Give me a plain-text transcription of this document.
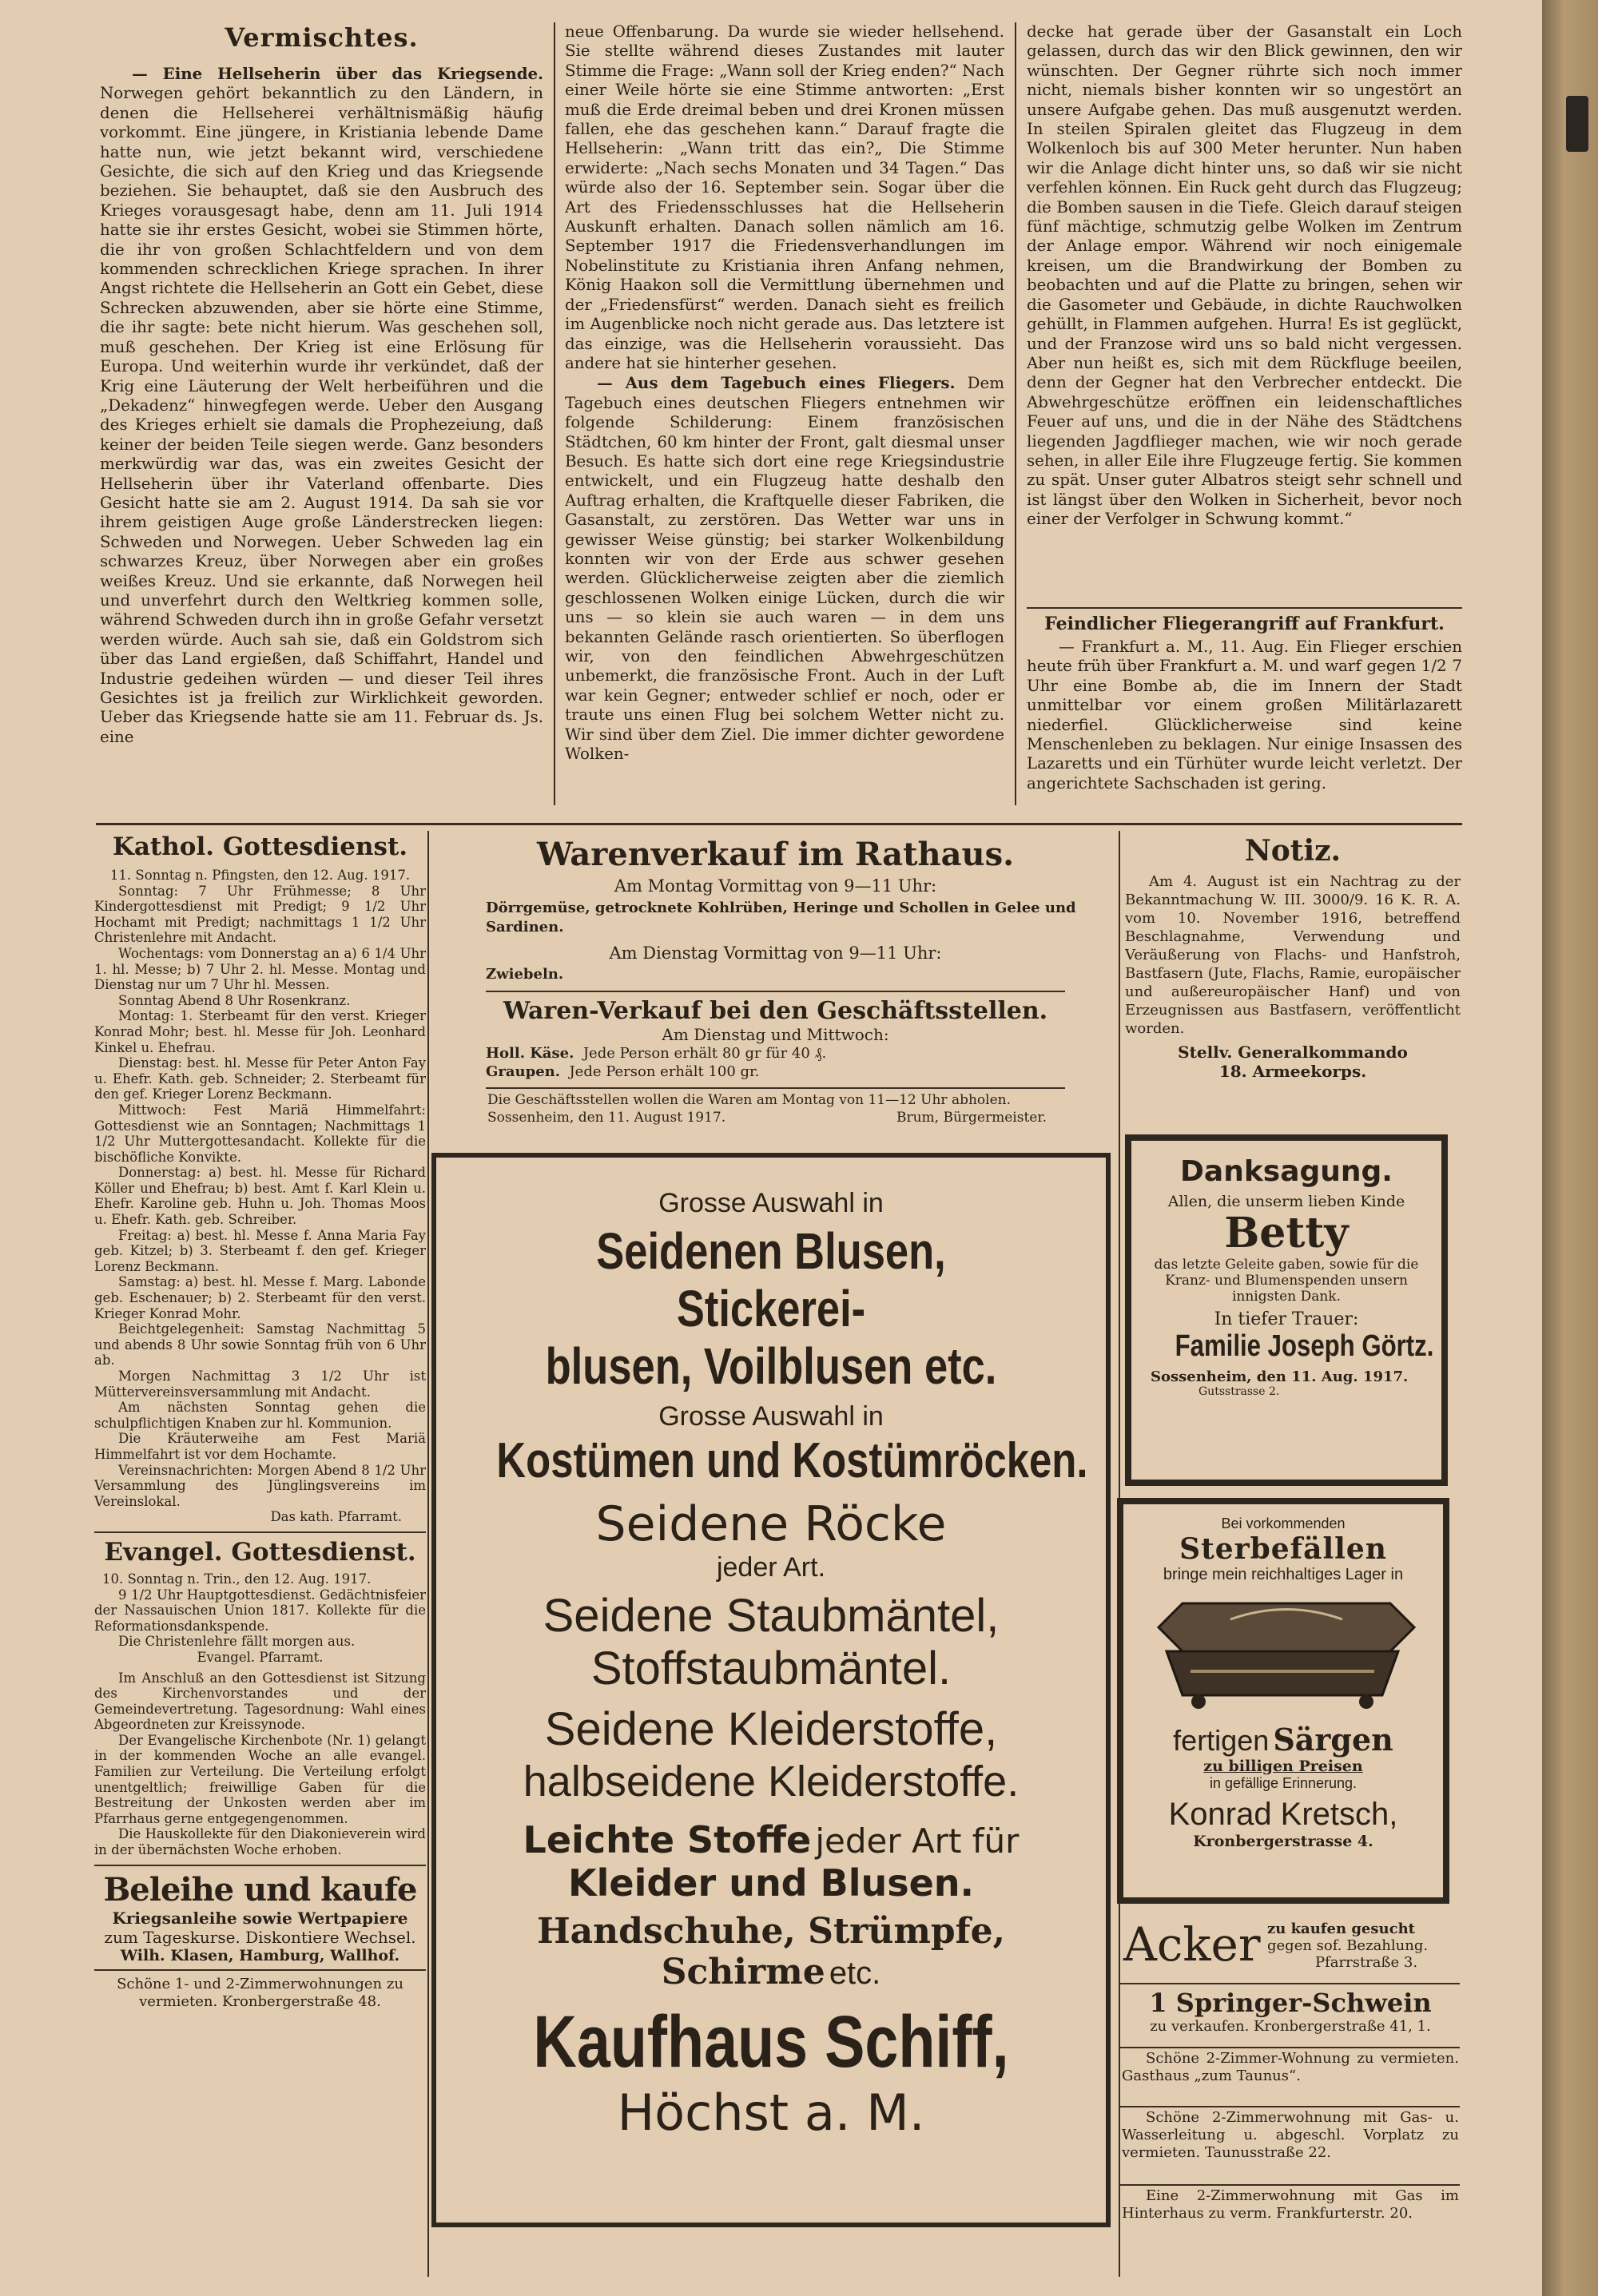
Vermischtes.

— Eine Hellseherin über das Kriegsende. Norwegen gehört bekanntlich zu den Ländern, in denen die Hellseherei verhältnismäßig häufig vorkommt. Eine jüngere, in Kristiania lebende Dame hatte nun, wie jetzt bekannt wird, verschiedene Gesichte, die sich auf den Krieg und das Kriegsende beziehen. Sie behauptet, daß sie den Ausbruch des Krieges vorausgesagt habe, denn am 11. Juli 1914 hatte sie ihr erstes Gesicht, wobei sie Stimmen hörte, die ihr von großen Schlachtfeldern und von dem kommenden schrecklichen Kriege sprachen. In ihrer Angst richtete die Hellseherin an Gott ein Gebet, diese Schrecken abzuwenden, aber sie hörte eine Stimme, die ihr sagte: bete nicht hierum. Was geschehen soll, muß geschehen. Der Krieg ist eine Erlösung für Europa. Und weiterhin wurde ihr verkündet, daß der Krig eine Läuterung der Welt herbeiführen und die „Dekadenz“ hinwegfegen werde. Ueber den Ausgang des Krieges erhielt sie damals die Prophezeiung, daß keiner der beiden Teile siegen werde. Ganz besonders merkwürdig war das, was ein zweites Gesicht der Hellseherin über ihr Vaterland offenbarte. Dies Gesicht hatte sie am 2. August 1914. Da sah sie vor ihrem geistigen Auge große Länderstrecken liegen: Schweden und Norwegen. Ueber Schweden lag ein schwarzes Kreuz, über Norwegen aber ein großes weißes Kreuz. Und sie erkannte, daß Norwegen heil und unverfehrt durch den Weltkrieg kommen solle, während Schweden durch ihn in große Gefahr versetzt werden würde. Auch sah sie, daß ein Goldstrom sich über das Land ergießen, daß Schiffahrt, Handel und Industrie gedeihen würden — und dieser Teil ihres Gesichtes ist ja freilich zur Wirklichkeit geworden. Ueber das Kriegsende hatte sie am 11. Februar ds. Js. eine

neue Offenbarung. Da wurde sie wieder hellsehend. Sie stellte während dieses Zustandes mit lauter Stimme die Frage: „Wann soll der Krieg enden?“ Nach einer Weile hörte sie eine Stimme antworten: „Erst muß die Erde dreimal beben und drei Kronen müssen fallen, ehe das geschehen kann.“ Darauf fragte die Hellseherin: „Wann tritt das ein?„ Die Stimme erwiderte: „Nach sechs Monaten und 34 Tagen.“ Das würde also der 16. September sein. Sogar über die Art des Friedensschlusses hat die Hellseherin Auskunft erhalten. Danach sollen nämlich am 16. September 1917 die Friedensverhandlungen im Nobelinstitute zu Kristiania ihren Anfang nehmen, König Haakon soll die Vermittlung übernehmen und der „Friedensfürst“ werden. Danach sieht es freilich im Augenblicke noch nicht gerade aus. Das letztere ist das einzige, was die Hellseherin voraussieht. Das andere hat sie hinterher gesehen.

— Aus dem Tagebuch eines Fliegers. Dem Tagebuch eines deutschen Fliegers entnehmen wir folgende Schilderung: Einem französischen Städtchen, 60 km hinter der Front, galt diesmal unser Besuch. Es hatte sich dort eine rege Kriegsindustrie entwickelt, und ein Flugzeug hatte deshalb den Auftrag erhalten, die Kraftquelle dieser Fabriken, die Gasanstalt, zu zerstören. Das Wetter war uns in gewisser Weise günstig; bei starker Wolkenbildung konnten wir von der Erde aus schwer gesehen werden. Glücklicherweise zeigten aber die ziemlich geschlossenen Wolken einige Lücken, durch die wir uns — so klein sie auch waren — in dem uns bekannten Gelände rasch orientierten. So überflogen wir, von den feindlichen Abwehrgeschützen unbemerkt, die französische Front. Auch in der Luft war kein Gegner; entweder schlief er noch, oder er traute uns einen Flug bei solchem Wetter nicht zu. Wir sind über dem Ziel. Die immer dichter gewordene Wolken-

decke hat gerade über der Gasanstalt ein Loch gelassen, durch das wir den Blick gewinnen, den wir wünschten. Der Gegner rührte sich noch immer nicht, niemals bisher konnten wir so ungestört an unsere Aufgabe gehen. Das muß ausgenutzt werden. In steilen Spiralen gleitet das Flugzeug in dem Wolkenloch bis auf 300 Meter herunter. Nun haben wir die Anlage dicht hinter uns, so daß wir sie nicht verfehlen können. Ein Ruck geht durch das Flugzeug; die Bomben sausen in die Tiefe. Gleich darauf steigen fünf mächtige, schmutzig gelbe Wolken im Zentrum der Anlage empor. Während wir noch einigemale kreisen, um die Brandwirkung der Bomben zu beobachten und auf die Platte zu bringen, sehen wir die Gasometer und Gebäude, in dichte Rauchwolken gehüllt, in Flammen aufgehen. Hurra! Es ist geglückt, und der Franzose wird uns so bald nicht vergessen. Aber nun heißt es, sich mit dem Rückfluge beeilen, denn der Gegner hat den Verbrecher entdeckt. Die Abwehrgeschütze eröffnen ein leidenschaftliches Feuer auf uns, und die in der Nähe des Städtchens liegenden Jagdflieger machen, wie wir noch gerade sehen, in aller Eile ihre Flugzeuge fertig. Sie kommen zu spät. Unser guter Albatros steigt sehr schnell und ist längst über den Wolken in Sicherheit, bevor noch einer der Verfolger in Schwung kommt.“

Feindlicher Fliegerangriff auf Frankfurt.

— Frankfurt a. M., 11. Aug. Ein Flieger erschien heute früh über Frankfurt a. M. und warf gegen 1/2 7 Uhr eine Bombe ab, die im Innern der Stadt unmittelbar vor einem großen Militärlazarett niederfiel. Glücklicherweise sind keine Menschenleben zu beklagen. Nur einige Insassen des Lazaretts und ein Türhüter wurde leicht verletzt. Der angerichtete Sachschaden ist gering.

Kathol. Gottesdienst.
11. Sonntag n. Pfingsten, den 12. Aug. 1917.
Sonntag: 7 Uhr Frühmesse; 8 Uhr Kindergottesdienst mit Predigt; 9 1/2 Uhr Hochamt mit Predigt; nachmittags 1 1/2 Uhr Christenlehre mit Andacht.
Wochentags: vom Donnerstag an a) 6 1/4 Uhr 1. hl. Messe; b) 7 Uhr 2. hl. Messe. Montag und Dienstag nur um 7 Uhr hl. Messen.
Sonntag Abend 8 Uhr Rosenkranz.
Montag: 1. Sterbeamt für den verst. Krieger Konrad Mohr; best. hl. Messe für Joh. Leonhard Kinkel u. Ehefrau.
Dienstag: best. hl. Messe für Peter Anton Fay u. Ehefr. Kath. geb. Schneider; 2. Sterbeamt für den gef. Krieger Lorenz Beckmann.
Mittwoch: Fest Mariä Himmelfahrt: Gottesdienst wie an Sonntagen; Nachmittags 1 1/2 Uhr Muttergottesandacht. Kollekte für die bischöfliche Konvikte.
Donnerstag: a) best. hl. Messe für Richard Köller und Ehefrau; b) best. Amt f. Karl Klein u. Ehefr. Karoline geb. Huhn u. Joh. Thomas Moos u. Ehefr. Kath. geb. Schreiber.
Freitag: a) best. hl. Messe f. Anna Maria Fay geb. Kitzel; b) 3. Sterbeamt f. den gef. Krieger Lorenz Beckmann.
Samstag: a) best. hl. Messe f. Marg. Labonde geb. Eschenauer; b) 2. Sterbeamt für den verst. Krieger Konrad Mohr.
Beichtgelegenheit: Samstag Nachmittag 5 und abends 8 Uhr sowie Sonntag früh von 6 Uhr ab.
Morgen Nachmittag 3 1/2 Uhr ist Müttervereinsversammlung mit Andacht.
Am nächsten Sonntag gehen die schulpflichtigen Knaben zur hl. Kommunion.
Die Kräuterweihe am Fest Mariä Himmelfahrt ist vor dem Hochamte.
Vereinsnachrichten: Morgen Abend 8 1/2 Uhr Versammlung des Jünglingsvereins im Vereinslokal.
Das kath. Pfarramt.
Evangel. Gottesdienst.
10. Sonntag n. Trin., den 12. Aug. 1917.
9 1/2 Uhr Hauptgottesdienst. Gedächtnisfeier der Nassauischen Union 1817. Kollekte für die Reformationsdankspende.
Die Christenlehre fällt morgen aus.
Evangel. Pfarramt.
Im Anschluß an den Gottesdienst ist Sitzung des Kirchenvorstandes und der Gemeindevertretung. Tagesordnung: Wahl eines Abgeordneten zur Kreissynode.
Der Evangelische Kirchenbote (Nr. 1) gelangt in der kommenden Woche an alle evangel. Familien zur Verteilung. Die Verteilung erfolgt unentgeltlich; freiwillige Gaben für die Bestreitung der Unkosten werden aber im Pfarrhaus gerne entgegengenommen.
Die Hauskollekte für den Diakonieverein wird in der übernächsten Woche erhoben.
Beleihe und kaufe
Kriegsanleihe sowie Wertpapiere
zum Tageskurse. Diskontiere Wechsel.
Wilh. Klasen, Hamburg, Wallhof.
Schöne 1- und 2-Zimmerwohnungen zu vermieten. Kronbergerstraße 48.
Warenverkauf im Rathaus.
Am Montag Vormittag von 9—11 Uhr:
Dörrgemüse, getrocknete Kohlrüben, Heringe und Schollen in Gelee und Sardinen.
Am Dienstag Vormittag von 9—11 Uhr:
Zwiebeln.
Waren-Verkauf bei den Geschäftsstellen.
Am Dienstag und Mittwoch:
Holl. Käse. Jede Person erhält 80 gr für 40 ₰.
Graupen. Jede Person erhält 100 gr.
Die Geschäftsstellen wollen die Waren am Montag von 11—12 Uhr abholen.
Sossenheim, den 11. August 1917.	Brum, Bürgermeister.
Grosse Auswahl in
Seidenen Blusen, Stickerei-
blusen, Voilblusen etc.
Grosse Auswahl in
Kostümen und Kostümröcken.
Seidene Röcke
jeder Art.
Seidene Staubmäntel,
Stoffstaubmäntel.
Seidene Kleiderstoffe,
halbseidene Kleiderstoffe.
Leichte Stoffe jeder Art für
Kleider und Blusen.
Handschuhe, Strümpfe,
Schirme etc.
Kaufhaus Schiff,
Höchst a. M.
Notiz.

Am 4. August ist ein Nachtrag zu der Bekanntmachung W. III. 3000/9. 16 K. R. A. vom 10. November 1916, betreffend Beschlagnahme, Verwendung und Veräußerung von Flachs- und Hanfstroh, Bastfasern (Jute, Flachs, Ramie, europäischer und außereuropäischer Hanf) und von Erzeugnissen aus Bastfasern, veröffentlicht worden.

Stellv. Generalkommando
18. Armeekorps.
Danksagung.
Allen, die unserm lieben Kinde
Betty
das letzte Geleite gaben, sowie für die Kranz- und Blumenspenden unsern innigsten Dank.
In tiefer Trauer:
Familie Joseph Görtz.
Sossenheim, den 11. Aug. 1917.
Gutsstrasse 2.
Bei vorkommenden
Sterbefällen
bringe mein reichhaltiges Lager in
fertigen Särgen
zu billigen Preisen
in gefällige Erinnerung.
Konrad Kretsch,
Kronbergerstrasse 4.
Acker zu kaufen gesucht
gegen sof. Bezahlung.
Pfarrstraße 3.
1 Springer-Schwein
zu verkaufen. Kronbergerstraße 41, 1.

Schöne 2-Zimmer-Wohnung zu vermieten. Gasthaus „zum Taunus“.

Schöne 2-Zimmerwohnung mit Gas- u. Wasserleitung u. abgeschl. Vorplatz zu vermieten. Taunusstraße 22.

Eine 2-Zimmerwohnung mit Gas im Hinterhaus zu verm. Frankfurterstr. 20.
